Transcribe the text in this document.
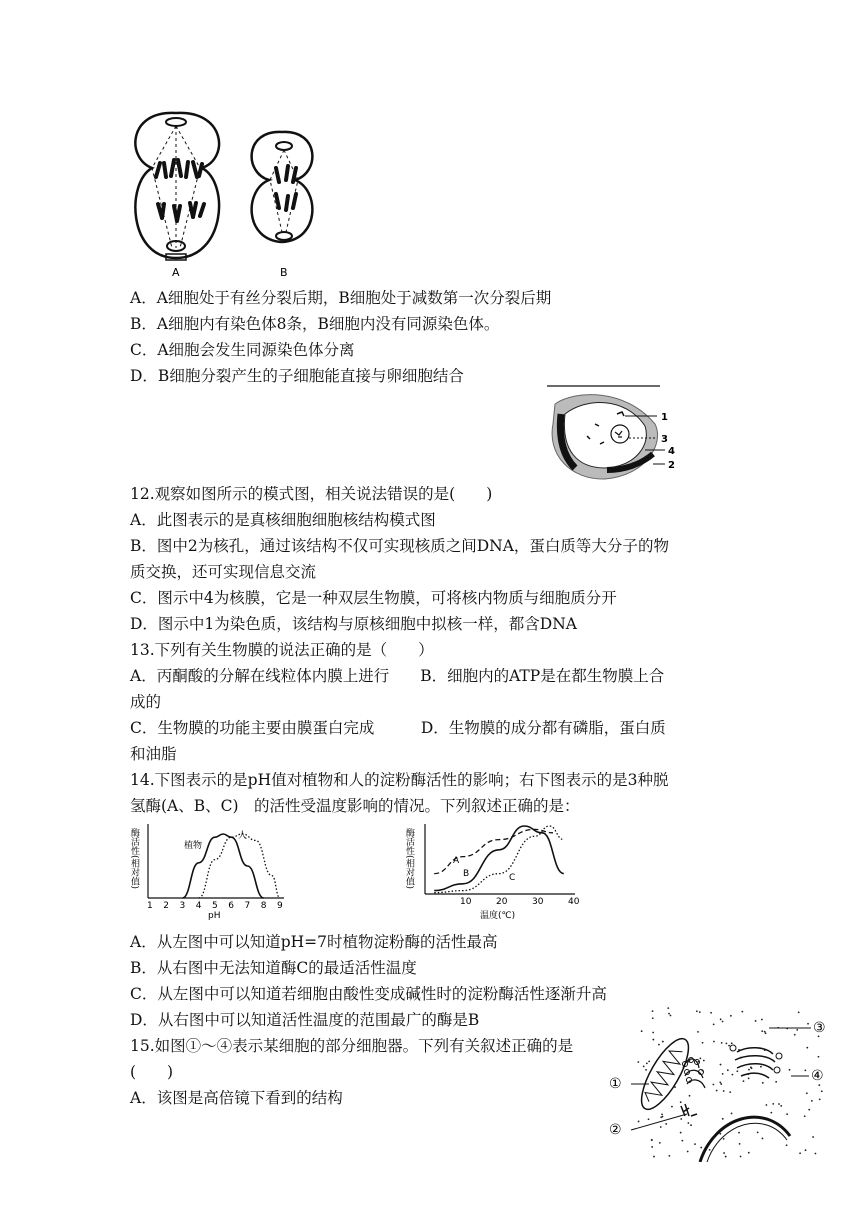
A	B
A．A细胞处于有丝分裂后期，B细胞处于减数第一次分裂后期
B．A细胞内有染色体8条，B细胞内没有同源染色体。
C．A细胞会发生同源染色体分离
D．B细胞分裂产生的子细胞能直接与卵细胞结合
1
3
4
2
12.观察如图所示的模式图，相关说法错误的是(　　)
A．此图表示的是真核细胞细胞核结构模式图
B．图中2为核孔，通过该结构不仅可实现核质之间DNA，蛋白质等大分子的物
质交换，还可实现信息交流
C．图示中4为核膜，它是一种双层生物膜，可将核内物质与细胞质分开
D．图示中1为染色质，该结构与原核细胞中拟核一样，都含DNA
13.下列有关生物膜的说法正确的是（　　）
A．丙酮酸的分解在线粒体内膜上进行　　B．细胞内的ATP是在都生物膜上合
成的
C．生物膜的功能主要由膜蛋白完成　　　D．生物膜的成分都有磷脂，蛋白质
和油脂
14.下图表示的是pH值对植物和人的淀粉酶活性的影响；右下图表示的是3种脱
氢酶(A、B、C)　的活性受温度影响的情况。下列叙述正确的是：
酶活性(相对值)
1 2 3 4 5 6 7 8 9
pH
植物
人	酶活性(相对值)
10	20	30	40
温度(℃)
A
B	C
A．从左图中可以知道pH=7时植物淀粉酶的活性最高
B．从右图中无法知道酶C的最适活性温度
C．从左图中可以知道若细胞由酸性变成碱性时的淀粉酶活性逐渐升高
D．从右图中可以知道活性温度的范围最广的酶是B
15.如图①～④表示某细胞的部分细胞器。下列有关叙述正确的是
(　　)
A．该图是高倍镜下看到的结构
①
②
③
④
